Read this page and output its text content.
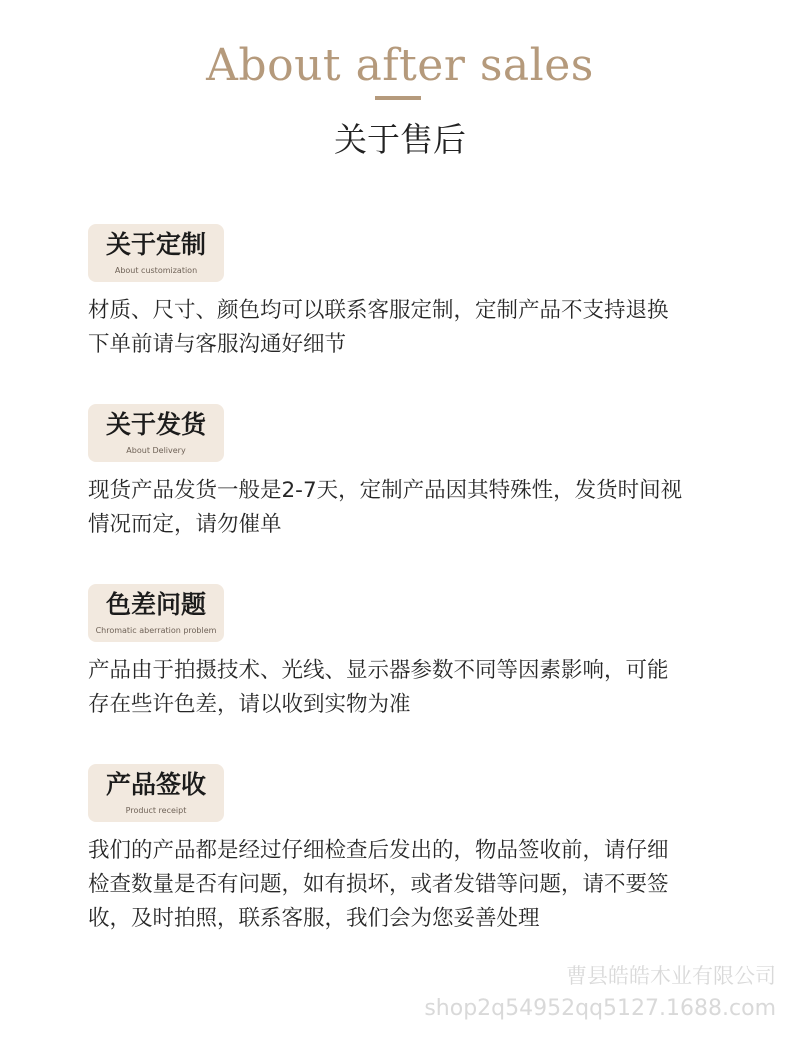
About after sales
关于售后
关于定制
About customization
材质、尺寸、颜色均可以联系客服定制，定制产品不支持退换
下单前请与客服沟通好细节
关于发货
About Delivery
现货产品发货一般是2-7天，定制产品因其特殊性，发货时间视
情况而定，请勿催单
色差问题
Chromatic aberration problem
产品由于拍摄技术、光线、显示器参数不同等因素影响，可能
存在些许色差，请以收到实物为准
产品签收
Product receipt
我们的产品都是经过仔细检查后发出的，物品签收前，请仔细
检查数量是否有问题，如有损坏，或者发错等问题，请不要签
收，及时拍照，联系客服，我们会为您妥善处理
曹县皓皓木业有限公司
shop2q54952qq5127.1688.com
